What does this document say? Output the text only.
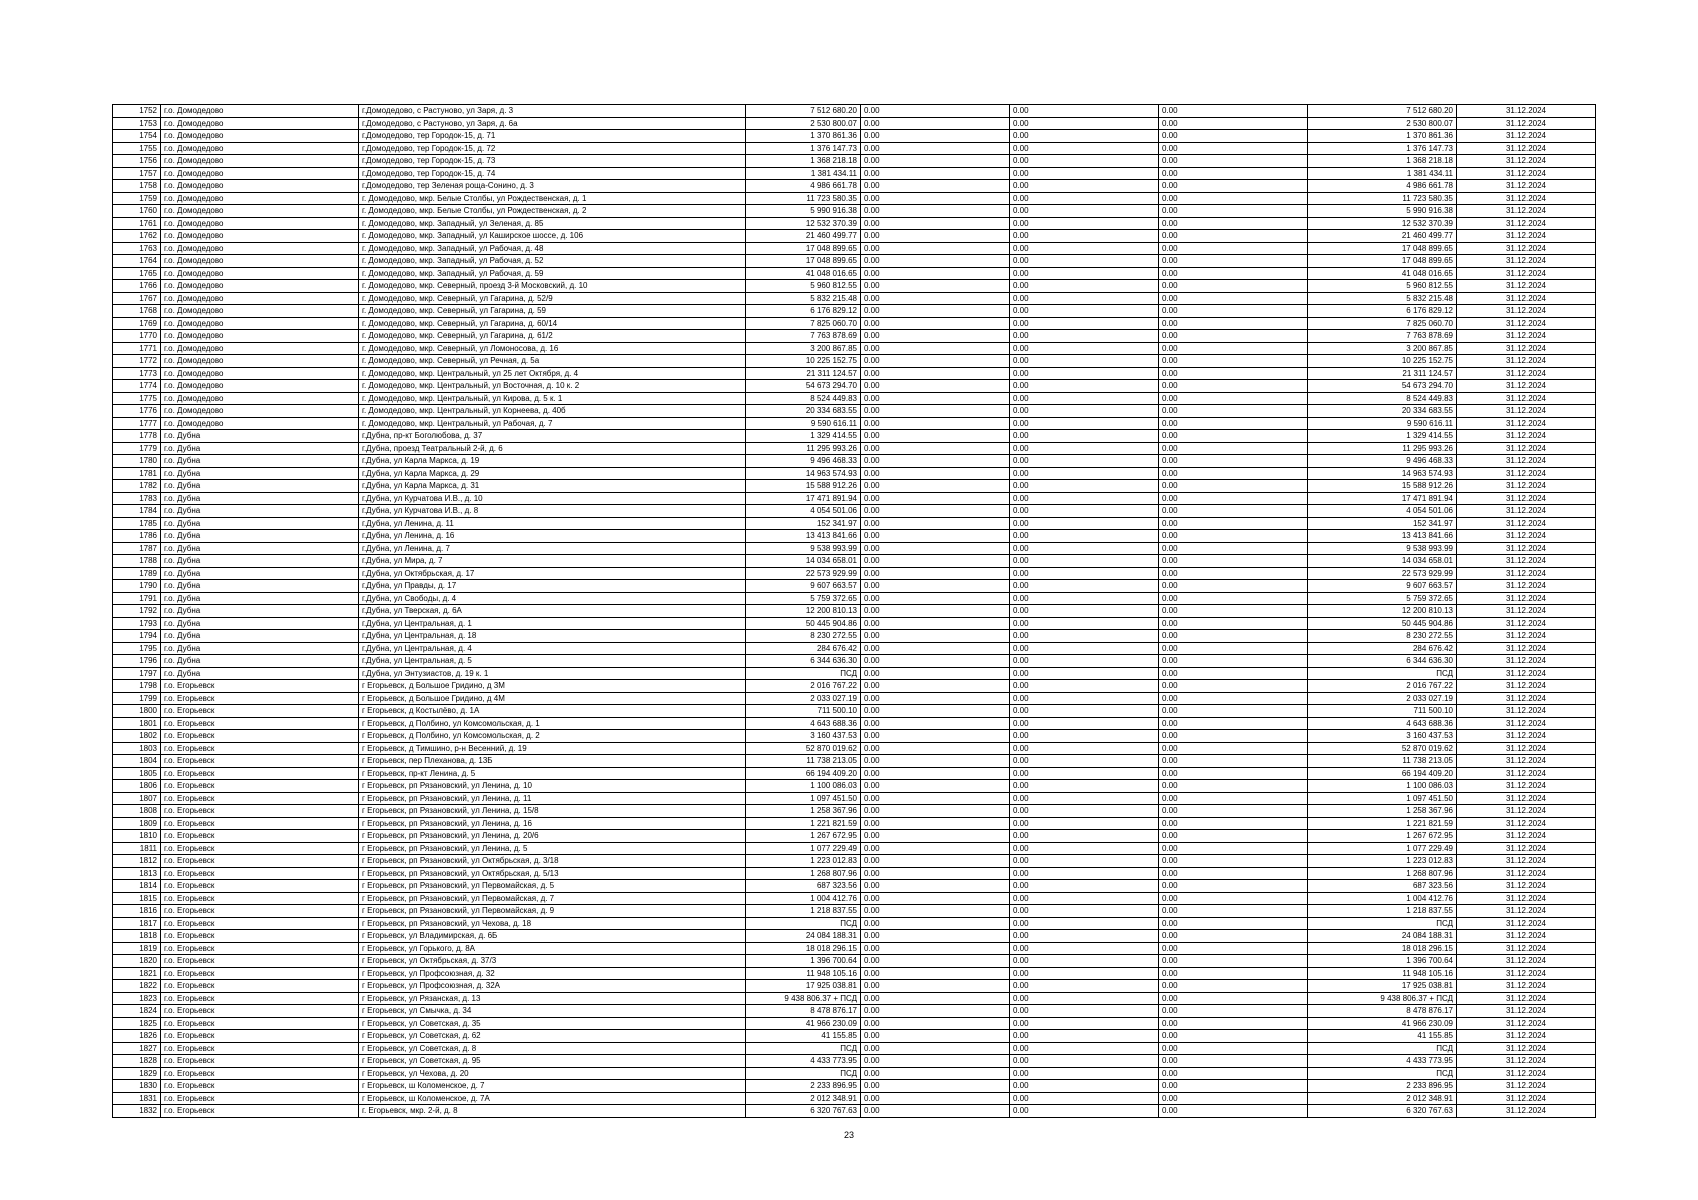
1752	г.о. Домодедово	г.Домодедово, с Растуново, ул Заря, д. 3	7 512 680.20	0.00	0.00	0.00	7 512 680.20	31.12.2024
1753	г.о. Домодедово	г.Домодедово, с Растуново, ул Заря, д. 6а	2 530 800.07	0.00	0.00	0.00	2 530 800.07	31.12.2024
1754	г.о. Домодедово	г.Домодедово, тер Городок-15, д. 71	1 370 861.36	0.00	0.00	0.00	1 370 861.36	31.12.2024
1755	г.о. Домодедово	г.Домодедово, тер Городок-15, д. 72	1 376 147.73	0.00	0.00	0.00	1 376 147.73	31.12.2024
1756	г.о. Домодедово	г.Домодедово, тер Городок-15, д. 73	1 368 218.18	0.00	0.00	0.00	1 368 218.18	31.12.2024
1757	г.о. Домодедово	г.Домодедово, тер Городок-15, д. 74	1 381 434.11	0.00	0.00	0.00	1 381 434.11	31.12.2024
1758	г.о. Домодедово	г.Домодедово, тер Зеленая роща-Сонино, д. 3	4 986 661.78	0.00	0.00	0.00	4 986 661.78	31.12.2024
1759	г.о. Домодедово	г. Домодедово, мкр. Белые Столбы, ул Рождественская, д. 1	11 723 580.35	0.00	0.00	0.00	11 723 580.35	31.12.2024
1760	г.о. Домодедово	г. Домодедово, мкр. Белые Столбы, ул Рождественская, д. 2	5 990 916.38	0.00	0.00	0.00	5 990 916.38	31.12.2024
1761	г.о. Домодедово	г. Домодедово, мкр. Западный, ул Зеленая, д. 85	12 532 370.39	0.00	0.00	0.00	12 532 370.39	31.12.2024
1762	г.о. Домодедово	г. Домодедово, мкр. Западный, ул Каширское шоссе, д. 106	21 460 499.77	0.00	0.00	0.00	21 460 499.77	31.12.2024
1763	г.о. Домодедово	г. Домодедово, мкр. Западный, ул Рабочая, д. 48	17 048 899.65	0.00	0.00	0.00	17 048 899.65	31.12.2024
1764	г.о. Домодедово	г. Домодедово, мкр. Западный, ул Рабочая, д. 52	17 048 899.65	0.00	0.00	0.00	17 048 899.65	31.12.2024
1765	г.о. Домодедово	г. Домодедово, мкр. Западный, ул Рабочая, д. 59	41 048 016.65	0.00	0.00	0.00	41 048 016.65	31.12.2024
1766	г.о. Домодедово	г. Домодедово, мкр. Северный, проезд 3-й Московский, д. 10	5 960 812.55	0.00	0.00	0.00	5 960 812.55	31.12.2024
1767	г.о. Домодедово	г. Домодедово, мкр. Северный, ул Гагарина, д. 52/9	5 832 215.48	0.00	0.00	0.00	5 832 215.48	31.12.2024
1768	г.о. Домодедово	г. Домодедово, мкр. Северный, ул Гагарина, д. 59	6 176 829.12	0.00	0.00	0.00	6 176 829.12	31.12.2024
1769	г.о. Домодедово	г. Домодедово, мкр. Северный, ул Гагарина, д. 60/14	7 825 060.70	0.00	0.00	0.00	7 825 060.70	31.12.2024
1770	г.о. Домодедово	г. Домодедово, мкр. Северный, ул Гагарина, д. 61/2	7 763 878.69	0.00	0.00	0.00	7 763 878.69	31.12.2024
1771	г.о. Домодедово	г. Домодедово, мкр. Северный, ул Ломоносова, д. 16	3 200 867.85	0.00	0.00	0.00	3 200 867.85	31.12.2024
1772	г.о. Домодедово	г. Домодедово, мкр. Северный, ул Речная, д. 5а	10 225 152.75	0.00	0.00	0.00	10 225 152.75	31.12.2024
1773	г.о. Домодедово	г. Домодедово, мкр. Центральный, ул 25 лет Октября, д. 4	21 311 124.57	0.00	0.00	0.00	21 311 124.57	31.12.2024
1774	г.о. Домодедово	г. Домодедово, мкр. Центральный, ул Восточная, д. 10 к. 2	54 673 294.70	0.00	0.00	0.00	54 673 294.70	31.12.2024
1775	г.о. Домодедово	г. Домодедово, мкр. Центральный, ул Кирова, д. 5 к. 1	8 524 449.83	0.00	0.00	0.00	8 524 449.83	31.12.2024
1776	г.о. Домодедово	г. Домодедово, мкр. Центральный, ул Корнеева, д. 40б	20 334 683.55	0.00	0.00	0.00	20 334 683.55	31.12.2024
1777	г.о. Домодедово	г. Домодедово, мкр. Центральный, ул Рабочая, д. 7	9 590 616.11	0.00	0.00	0.00	9 590 616.11	31.12.2024
1778	г.о. Дубна	г.Дубна, пр-кт Боголюбова, д. 37	1 329 414.55	0.00	0.00	0.00	1 329 414.55	31.12.2024
1779	г.о. Дубна	г.Дубна, проезд Театральный 2-й, д. 6	11 295 993.26	0.00	0.00	0.00	11 295 993.26	31.12.2024
1780	г.о. Дубна	г.Дубна, ул Карла Маркса, д. 19	9 496 468.33	0.00	0.00	0.00	9 496 468.33	31.12.2024
1781	г.о. Дубна	г.Дубна, ул Карла Маркса, д. 29	14 963 574.93	0.00	0.00	0.00	14 963 574.93	31.12.2024
1782	г.о. Дубна	г.Дубна, ул Карла Маркса, д. 31	15 588 912.26	0.00	0.00	0.00	15 588 912.26	31.12.2024
1783	г.о. Дубна	г.Дубна, ул Курчатова И.В., д. 10	17 471 891.94	0.00	0.00	0.00	17 471 891.94	31.12.2024
1784	г.о. Дубна	г.Дубна, ул Курчатова И.В., д. 8	4 054 501.06	0.00	0.00	0.00	4 054 501.06	31.12.2024
1785	г.о. Дубна	г.Дубна, ул Ленина, д. 11	152 341.97	0.00	0.00	0.00	152 341.97	31.12.2024
1786	г.о. Дубна	г.Дубна, ул Ленина, д. 16	13 413 841.66	0.00	0.00	0.00	13 413 841.66	31.12.2024
1787	г.о. Дубна	г.Дубна, ул Ленина, д. 7	9 538 993.99	0.00	0.00	0.00	9 538 993.99	31.12.2024
1788	г.о. Дубна	г.Дубна, ул Мира, д. 7	14 034 658.01	0.00	0.00	0.00	14 034 658.01	31.12.2024
1789	г.о. Дубна	г.Дубна, ул Октябрьская, д. 17	22 573 929.99	0.00	0.00	0.00	22 573 929.99	31.12.2024
1790	г.о. Дубна	г.Дубна, ул Правды, д. 17	9 607 663.57	0.00	0.00	0.00	9 607 663.57	31.12.2024
1791	г.о. Дубна	г.Дубна, ул Свободы, д. 4	5 759 372.65	0.00	0.00	0.00	5 759 372.65	31.12.2024
1792	г.о. Дубна	г.Дубна, ул Тверская, д. 6А	12 200 810.13	0.00	0.00	0.00	12 200 810.13	31.12.2024
1793	г.о. Дубна	г.Дубна, ул Центральная, д. 1	50 445 904.86	0.00	0.00	0.00	50 445 904.86	31.12.2024
1794	г.о. Дубна	г.Дубна, ул Центральная, д. 18	8 230 272.55	0.00	0.00	0.00	8 230 272.55	31.12.2024
1795	г.о. Дубна	г.Дубна, ул Центральная, д. 4	284 676.42	0.00	0.00	0.00	284 676.42	31.12.2024
1796	г.о. Дубна	г.Дубна, ул Центральная, д. 5	6 344 636.30	0.00	0.00	0.00	6 344 636.30	31.12.2024
1797	г.о. Дубна	г.Дубна, ул Энтузиастов, д. 19 к. 1	ПСД	0.00	0.00	0.00	ПСД	31.12.2024
1798	г.о. Егорьевск	г Егорьевск, д Большое Гридино, д 3М	2 016 767.22	0.00	0.00	0.00	2 016 767.22	31.12.2024
1799	г.о. Егорьевск	г Егорьевск, д Большое Гридино, д 4М	2 033 027.19	0.00	0.00	0.00	2 033 027.19	31.12.2024
1800	г.о. Егорьевск	г Егорьевск, д Костылёво, д. 1А	711 500.10	0.00	0.00	0.00	711 500.10	31.12.2024
1801	г.о. Егорьевск	г Егорьевск, д Полбино, ул Комсомольская, д. 1	4 643 688.36	0.00	0.00	0.00	4 643 688.36	31.12.2024
1802	г.о. Егорьевск	г Егорьевск, д Полбино, ул Комсомольская, д. 2	3 160 437.53	0.00	0.00	0.00	3 160 437.53	31.12.2024
1803	г.о. Егорьевск	г Егорьевск, д Тимшино, р-н Весенний, д. 19	52 870 019.62	0.00	0.00	0.00	52 870 019.62	31.12.2024
1804	г.о. Егорьевск	г Егорьевск, пер Плеханова, д. 13Б	11 738 213.05	0.00	0.00	0.00	11 738 213.05	31.12.2024
1805	г.о. Егорьевск	г Егорьевск, пр-кт Ленина, д. 5	66 194 409.20	0.00	0.00	0.00	66 194 409.20	31.12.2024
1806	г.о. Егорьевск	г Егорьевск, рп Рязановский, ул Ленина, д. 10	1 100 086.03	0.00	0.00	0.00	1 100 086.03	31.12.2024
1807	г.о. Егорьевск	г Егорьевск, рп Рязановский, ул Ленина, д. 11	1 097 451.50	0.00	0.00	0.00	1 097 451.50	31.12.2024
1808	г.о. Егорьевск	г Егорьевск, рп Рязановский, ул Ленина, д. 15/8	1 258 367.96	0.00	0.00	0.00	1 258 367.96	31.12.2024
1809	г.о. Егорьевск	г Егорьевск, рп Рязановский, ул Ленина, д. 16	1 221 821.59	0.00	0.00	0.00	1 221 821.59	31.12.2024
1810	г.о. Егорьевск	г Егорьевск, рп Рязановский, ул Ленина, д. 20/6	1 267 672.95	0.00	0.00	0.00	1 267 672.95	31.12.2024
1811	г.о. Егорьевск	г Егорьевск, рп Рязановский, ул Ленина, д. 5	1 077 229.49	0.00	0.00	0.00	1 077 229.49	31.12.2024
1812	г.о. Егорьевск	г Егорьевск, рп Рязановский, ул Октябрьская, д. 3/18	1 223 012.83	0.00	0.00	0.00	1 223 012.83	31.12.2024
1813	г.о. Егорьевск	г Егорьевск, рп Рязановский, ул Октябрьская, д. 5/13	1 268 807.96	0.00	0.00	0.00	1 268 807.96	31.12.2024
1814	г.о. Егорьевск	г Егорьевск, рп Рязановский, ул Первомайская, д. 5	687 323.56	0.00	0.00	0.00	687 323.56	31.12.2024
1815	г.о. Егорьевск	г Егорьевск, рп Рязановский, ул Первомайская, д. 7	1 004 412.76	0.00	0.00	0.00	1 004 412.76	31.12.2024
1816	г.о. Егорьевск	г Егорьевск, рп Рязановский, ул Первомайская, д. 9	1 218 837.55	0.00	0.00	0.00	1 218 837.55	31.12.2024
1817	г.о. Егорьевск	г Егорьевск, рп Рязановский, ул Чехова, д. 18	ПСД	0.00	0.00	0.00	ПСД	31.12.2024
1818	г.о. Егорьевск	г Егорьевск, ул Владимирская, д. 6Б	24 084 188.31	0.00	0.00	0.00	24 084 188.31	31.12.2024
1819	г.о. Егорьевск	г Егорьевск, ул Горького, д. 8А	18 018 296.15	0.00	0.00	0.00	18 018 296.15	31.12.2024
1820	г.о. Егорьевск	г Егорьевск, ул Октябрьская, д. 37/3	1 396 700.64	0.00	0.00	0.00	1 396 700.64	31.12.2024
1821	г.о. Егорьевск	г Егорьевск, ул Профсоюзная, д. 32	11 948 105.16	0.00	0.00	0.00	11 948 105.16	31.12.2024
1822	г.о. Егорьевск	г Егорьевск, ул Профсоюзная, д. 32А	17 925 038.81	0.00	0.00	0.00	17 925 038.81	31.12.2024
1823	г.о. Егорьевск	г Егорьевск, ул Рязанская, д. 13	9 438 806.37 + ПСД	0.00	0.00	0.00	9 438 806.37 + ПСД	31.12.2024
1824	г.о. Егорьевск	г Егорьевск, ул Смычка, д. 34	8 478 876.17	0.00	0.00	0.00	8 478 876.17	31.12.2024
1825	г.о. Егорьевск	г Егорьевск, ул Советская, д. 35	41 966 230.09	0.00	0.00	0.00	41 966 230.09	31.12.2024
1826	г.о. Егорьевск	г Егорьевск, ул Советская, д. 62	41 155.85	0.00	0.00	0.00	41 155.85	31.12.2024
1827	г.о. Егорьевск	г Егорьевск, ул Советская, д. 8	ПСД	0.00	0.00	0.00	ПСД	31.12.2024
1828	г.о. Егорьевск	г Егорьевск, ул Советская, д. 95	4 433 773.95	0.00	0.00	0.00	4 433 773.95	31.12.2024
1829	г.о. Егорьевск	г Егорьевск, ул Чехова, д. 20	ПСД	0.00	0.00	0.00	ПСД	31.12.2024
1830	г.о. Егорьевск	г Егорьевск, ш Коломенское, д. 7	2 233 896.95	0.00	0.00	0.00	2 233 896.95	31.12.2024
1831	г.о. Егорьевск	г Егорьевск, ш Коломенское, д. 7А	2 012 348.91	0.00	0.00	0.00	2 012 348.91	31.12.2024
1832	г.о. Егорьевск	г. Егорьевск, мкр. 2-й, д. 8	6 320 767.63	0.00	0.00	0.00	6 320 767.63	31.12.2024
23
